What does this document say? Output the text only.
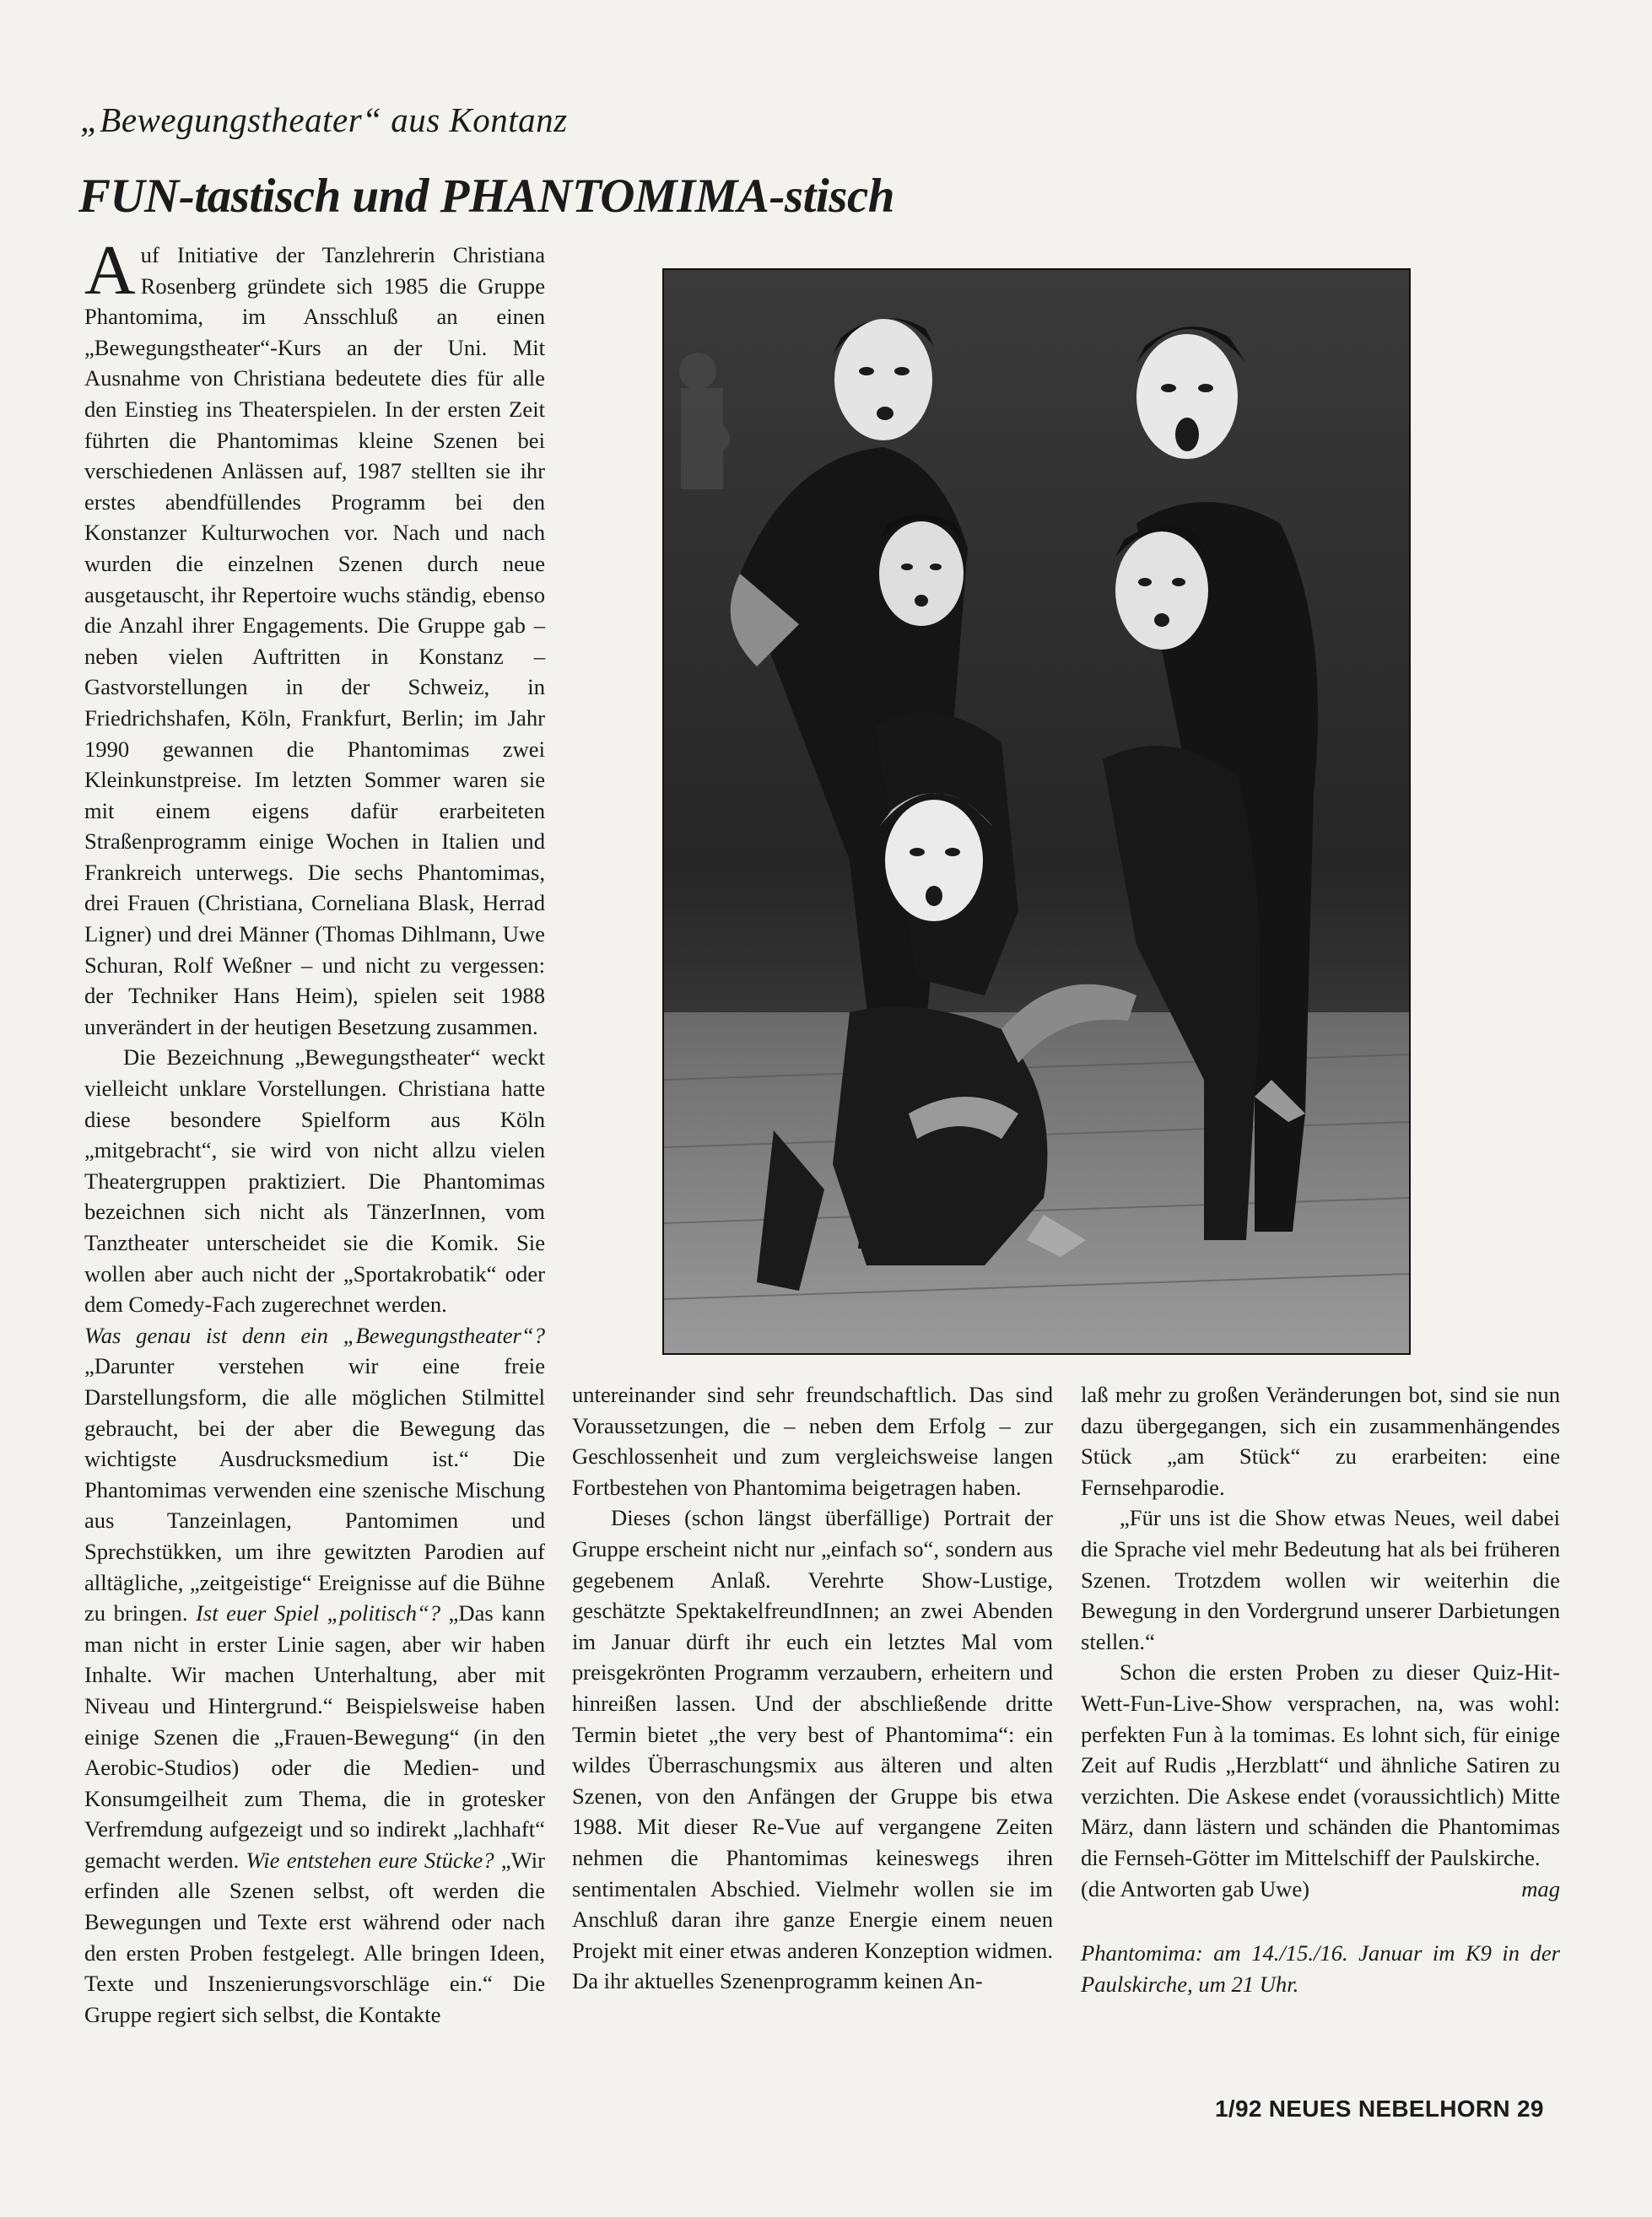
„Bewegungstheater“ aus Kontanz
FUN-tastisch und PHANTOMIMA-stisch

Auf Initiative der Tanzlehrerin Christiana Rosenberg gründete sich 1985 die Gruppe Phantomima, im Ansschluß an einen „Bewegungstheater“-Kurs an der Uni. Mit Ausnahme von Christiana bedeutete dies für alle den Einstieg ins Theaterspielen. In der ersten Zeit führten die Phantomimas kleine Szenen bei verschiedenen Anlässen auf, 1987 stellten sie ihr erstes abendfüllendes Programm bei den Konstanzer Kulturwochen vor. Nach und nach wurden die einzelnen Szenen durch neue ausgetauscht, ihr Repertoire wuchs ständig, ebenso die Anzahl ihrer Engagements. Die Gruppe gab – neben vielen Auftritten in Konstanz – Gastvorstellungen in der Schweiz, in Friedrichshafen, Köln, Frankfurt, Berlin; im Jahr 1990 gewannen die Phantomimas zwei Kleinkunstpreise. Im letzten Sommer waren sie mit einem eigens dafür erarbeiteten Straßenprogramm einige Wochen in Italien und Frankreich unterwegs. Die sechs Phantomimas, drei Frauen (Christiana, Corneliana Blask, Herrad Ligner) und drei Männer (Thomas Dihlmann, Uwe Schuran, Rolf Weßner – und nicht zu vergessen: der Techniker Hans Heim), spielen seit 1988 unverändert in der heutigen Besetzung zusammen.

Die Bezeichnung „Bewegungstheater“ weckt vielleicht unklare Vorstellungen. Christiana hatte diese besondere Spielform aus Köln „mitgebracht“, sie wird von nicht allzu vielen Theatergruppen praktiziert. Die Phantomimas bezeichnen sich nicht als TänzerInnen, vom Tanztheater unterscheidet sie die Komik. Sie wollen aber auch nicht der „Sportakrobatik“ oder dem Comedy-Fach zugerechnet werden.

Was genau ist denn ein „Bewegungstheater“? „Darunter verstehen wir eine freie Darstellungsform, die alle möglichen Stilmittel gebraucht, bei der aber die Bewegung das wichtigste Ausdrucksmedium ist.“ Die Phantomimas verwenden eine szenische Mischung aus Tanzeinlagen, Pantomimen und Sprechstükken, um ihre gewitzten Parodien auf alltägliche, „zeitgeistige“ Ereignisse auf die Bühne zu bringen. Ist euer Spiel „politisch“? „Das kann man nicht in erster Linie sagen, aber wir haben Inhalte. Wir machen Unterhaltung, aber mit Niveau und Hintergrund.“ Beispielsweise haben einige Szenen die „Frauen-Bewegung“ (in den Aerobic-Studios) oder die Medien- und Konsumgeilheit zum Thema, die in grotesker Verfremdung aufgezeigt und so indirekt „lachhaft“ gemacht werden. Wie entstehen eure Stücke? „Wir erfinden alle Szenen selbst, oft werden die Bewegungen und Texte erst während oder nach den ersten Proben festgelegt. Alle bringen Ideen, Texte und Inszenierungsvorschläge ein.“ Die Gruppe regiert sich selbst, die Kontakte

untereinander sind sehr freundschaftlich. Das sind Voraussetzungen, die – neben dem Erfolg – zur Geschlossenheit und zum vergleichsweise langen Fortbestehen von Phantomima beigetragen haben.

Dieses (schon längst überfällige) Portrait der Gruppe erscheint nicht nur „einfach so“, sondern aus gegebenem Anlaß. Verehrte Show-Lustige, geschätzte SpektakelfreundInnen; an zwei Abenden im Januar dürft ihr euch ein letztes Mal vom preisgekrönten Programm verzaubern, erheitern und hinreißen lassen. Und der abschließende dritte Termin bietet „the very best of Phantomima“: ein wildes Überraschungsmix aus älteren und alten Szenen, von den Anfängen der Gruppe bis etwa 1988. Mit dieser Re-Vue auf vergangene Zeiten nehmen die Phantomimas keineswegs ihren sentimentalen Abschied. Vielmehr wollen sie im Anschluß daran ihre ganze Energie einem neuen Projekt mit einer etwas anderen Konzeption widmen. Da ihr aktuelles Szenenprogramm keinen An-

laß mehr zu großen Veränderungen bot, sind sie nun dazu übergegangen, sich ein zusammenhängendes Stück „am Stück“ zu erarbeiten: eine Fernsehparodie.

„Für uns ist die Show etwas Neues, weil dabei die Sprache viel mehr Bedeutung hat als bei früheren Szenen. Trotzdem wollen wir weiterhin die Bewegung in den Vordergrund unserer Darbietungen stellen.“

Schon die ersten Proben zu dieser Quiz-Hit-Wett-Fun-Live-Show versprachen, na, was wohl: perfekten Fun à la tomimas. Es lohnt sich, für einige Zeit auf Rudis „Herzblatt“ und ähnliche Satiren zu verzichten. Die Askese endet (voraussichtlich) Mitte März, dann lästern und schänden die Phantomimas die Fernseh-Götter im Mittelschiff der Paulskirche.
mag

(die Antworten gab Uwe)

Phantomima: am 14./15./16. Januar im K9 in der Paulskirche, um 21 Uhr.

1/92 NEUES NEBELHORN 29
